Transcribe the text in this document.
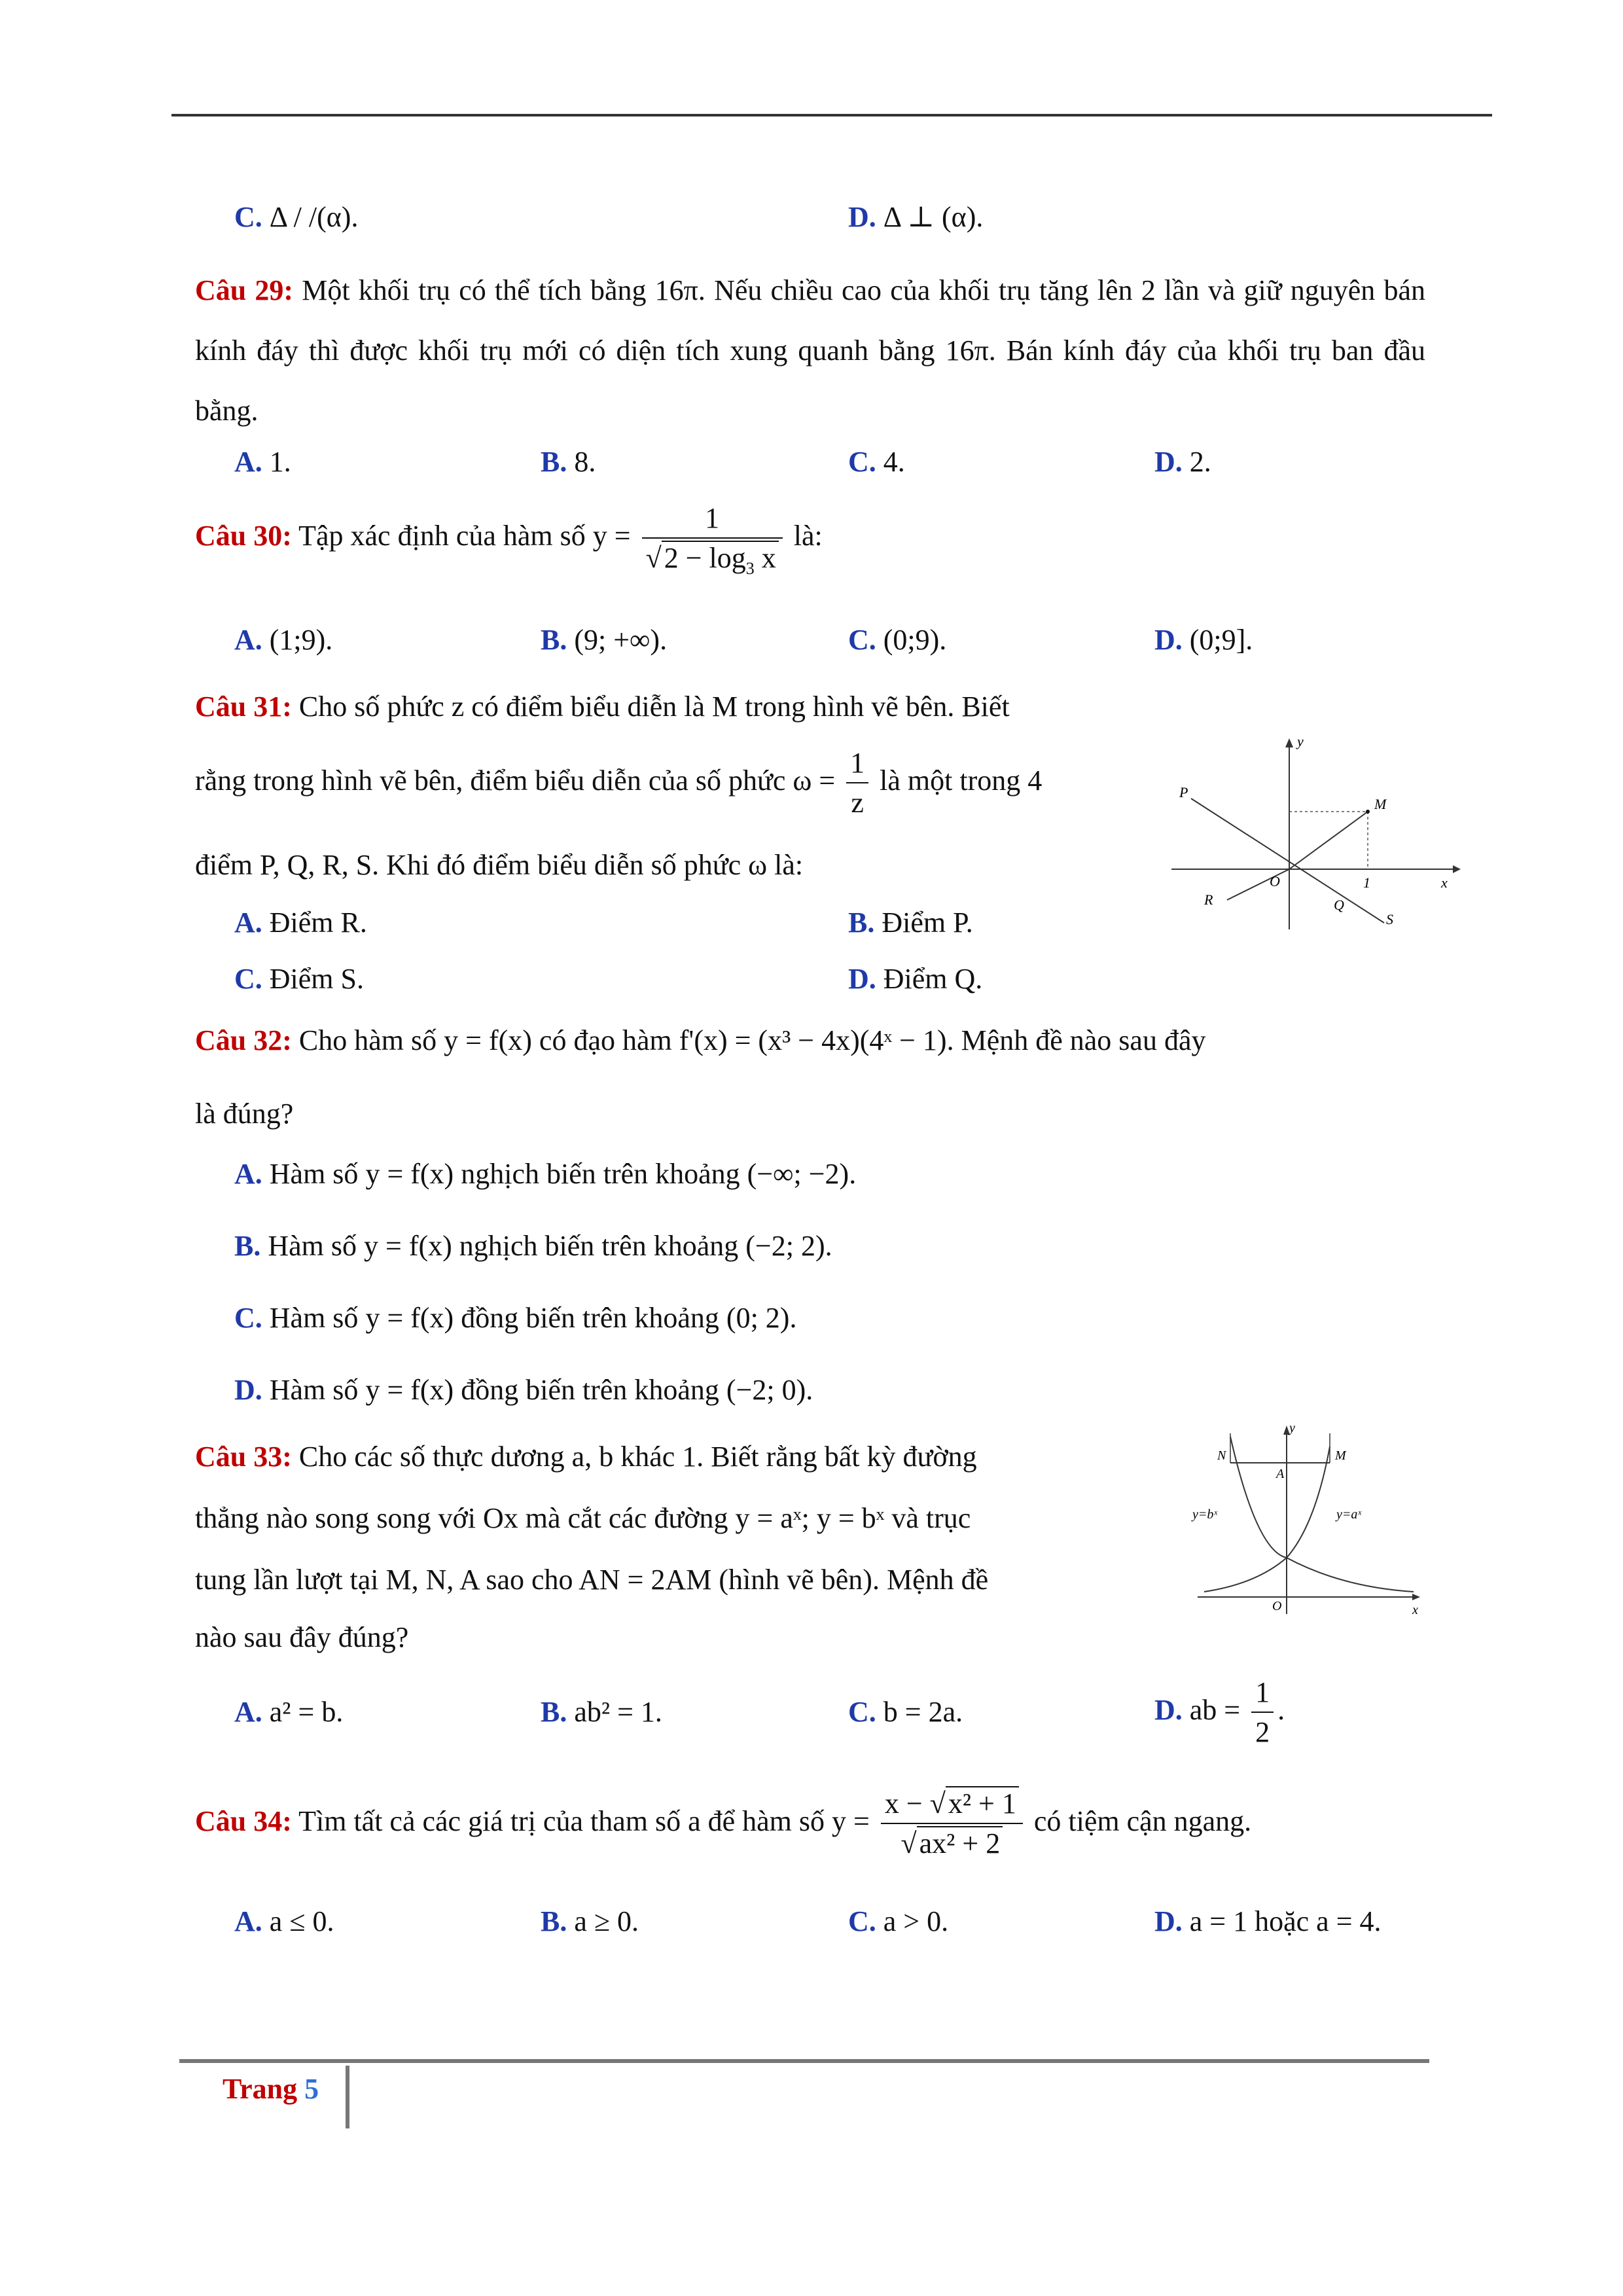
C. Δ / /(α).	D. Δ ⊥ (α).
Câu 29: Một khối trụ có thể tích bằng 16π. Nếu chiều cao của khối trụ tăng lên 2 lần và giữ nguyên bán kính đáy thì được khối trụ mới có diện tích xung quanh bằng 16π. Bán kính đáy của khối trụ ban đầu bằng.
A. 1.	B. 8.	C. 4.	D. 2.
Câu 30: Tập xác định của hàm số $y = \frac{1}{√2 - \log_3 x}$ là:
A. (1;9).	B. (9; +∞).	C. (0;9).	D. (0;9].
Câu 31: Cho số phức z có điểm biểu diễn là M trong hình vẽ bên. Biết
rằng trong hình vẽ bên, điểm biểu diễn của số phức $\omega = \frac{1}{z}$ là một trong 4
điểm P, Q, R, S. Khi đó điểm biểu diễn số phức ω là:
A. Điểm R.	B. Điểm P.
C. Điểm S.	D. Điểm Q.
y
x
O	1
P
M
R	Q
S
Câu 32: Cho hàm số y = f(x) có đạo hàm f'(x) = (x³ − 4x)(4ˣ − 1). Mệnh đề nào sau đây
là đúng?
A. Hàm số y = f(x) nghịch biến trên khoảng (−∞; −2).
B. Hàm số y = f(x) nghịch biến trên khoảng (−2; 2).
C. Hàm số y = f(x) đồng biến trên khoảng (0; 2).
D. Hàm số y = f(x) đồng biến trên khoảng (−2; 0).
Câu 33: Cho các số thực dương a, b khác 1. Biết rằng bất kỳ đường
thẳng nào song song với Ox mà cắt các đường y = aˣ; y = bˣ và trục
tung lần lượt tại M, N, A sao cho AN = 2AM (hình vẽ bên). Mệnh đề
nào sau đây đúng?
y
x
O
N
A
M
y=bˣ	y=aˣ
A. a² = b.	B. ab² = 1.	C. b = 2a.	D. ab = $\frac{1}{2}$ .
Câu 34: Tìm tất cả các giá trị của tham số a để hàm số $y = \frac{\text{x − √x² + 1}}{\text{√ax² + 2}}$ có tiệm cận ngang.
A. a ≤ 0.	B. a ≥ 0.	C. a > 0.	D. a = 1 hoặc a = 4.
Trang 5
